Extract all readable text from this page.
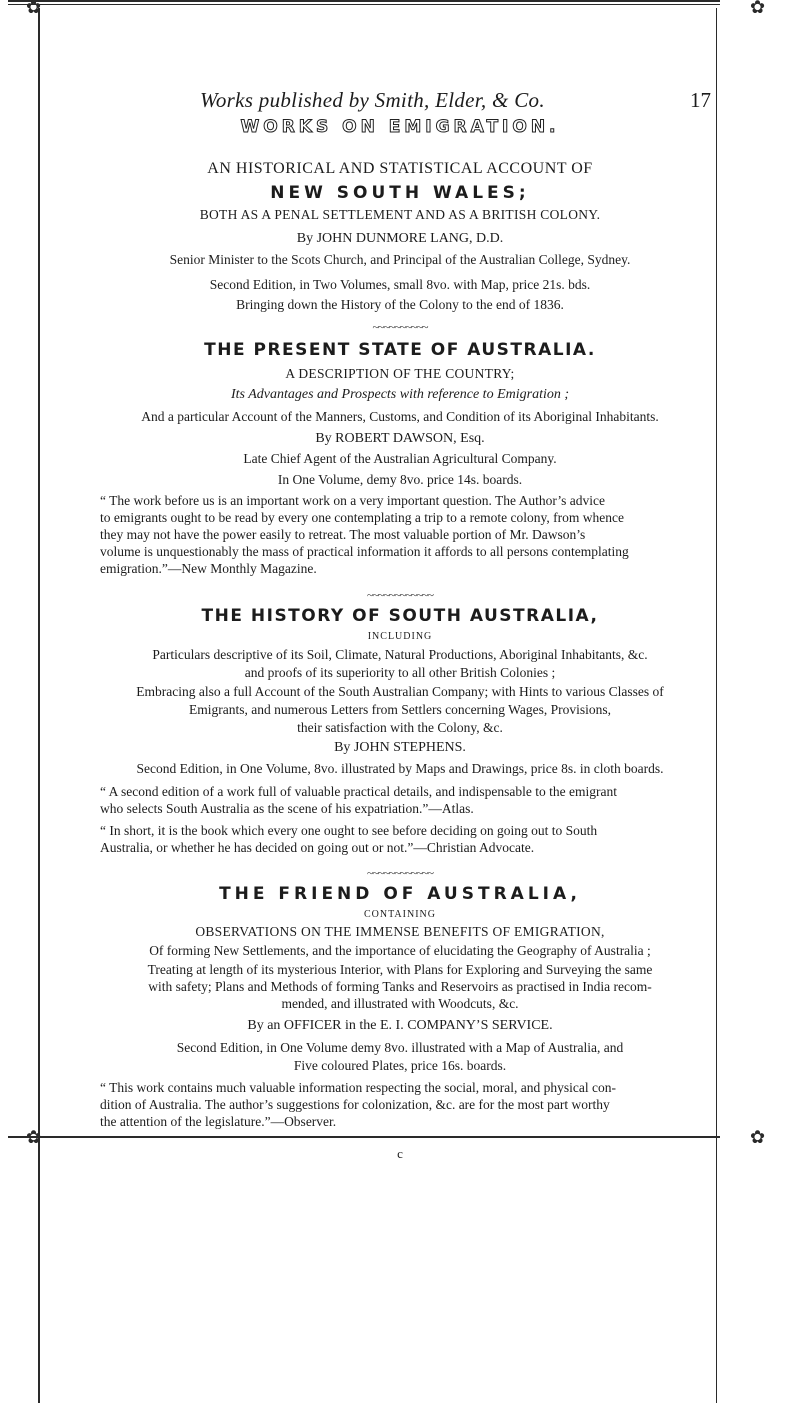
✿	✿
Works published by Smith, Elder, & Co.	17
WORKS ON EMIGRATION.
AN HISTORICAL AND STATISTICAL ACCOUNT OF
NEW SOUTH WALES;
BOTH AS A PENAL SETTLEMENT AND AS A BRITISH COLONY.
By JOHN DUNMORE LANG, D.D.
Senior Minister to the Scots Church, and Principal of the Australian College, Sydney.
Second Edition, in Two Volumes, small 8vo. with Map, price 21s. bds.
Bringing down the History of the Colony to the end of 1836.
~~~~~~~~~~
THE PRESENT STATE OF AUSTRALIA.
A DESCRIPTION OF THE COUNTRY;
Its Advantages and Prospects with reference to Emigration ;
And a particular Account of the Manners, Customs, and Condition of its Aboriginal Inhabitants.
By ROBERT DAWSON, Esq.
Late Chief Agent of the Australian Agricultural Company.
In One Volume, demy 8vo. price 14s. boards.
“ The work before us is an important work on a very important question. The Author’s advice
to emigrants ought to be read by every one contemplating a trip to a remote colony, from whence
they may not have the power easily to retreat. The most valuable portion of Mr. Dawson’s
volume is unquestionably the mass of practical information it affords to all persons contemplating
emigration.”—New Monthly Magazine.
~~~~~~~~~~~~
THE HISTORY OF SOUTH AUSTRALIA,
INCLUDING
Particulars descriptive of its Soil, Climate, Natural Productions, Aboriginal Inhabitants, &c.
and proofs of its superiority to all other British Colonies ;
Embracing also a full Account of the South Australian Company; with Hints to various Classes of
Emigrants, and numerous Letters from Settlers concerning Wages, Provisions,
their satisfaction with the Colony, &c.
By JOHN STEPHENS.
Second Edition, in One Volume, 8vo. illustrated by Maps and Drawings, price 8s. in cloth boards.
“ A second edition of a work full of valuable practical details, and indispensable to the emigrant
who selects South Australia as the scene of his expatriation.”—Atlas.
“ In short, it is the book which every one ought to see before deciding on going out to South
Australia, or whether he has decided on going out or not.”—Christian Advocate.
~~~~~~~~~~~~
THE FRIEND OF AUSTRALIA,
CONTAINING
OBSERVATIONS ON THE IMMENSE BENEFITS OF EMIGRATION,
Of forming New Settlements, and the importance of elucidating the Geography of Australia ;
Treating at length of its mysterious Interior, with Plans for Exploring and Surveying the same
with safety; Plans and Methods of forming Tanks and Reservoirs as practised in India recom-
mended, and illustrated with Woodcuts, &c.
By an OFFICER in the E. I. COMPANY’S SERVICE.
Second Edition, in One Volume demy 8vo. illustrated with a Map of Australia, and
Five coloured Plates, price 16s. boards.
“ This work contains much valuable information respecting the social, moral, and physical con-
dition of Australia. The author’s suggestions for colonization, &c. are for the most part worthy
the attention of the legislature.”—Observer.
✿	✿
c
